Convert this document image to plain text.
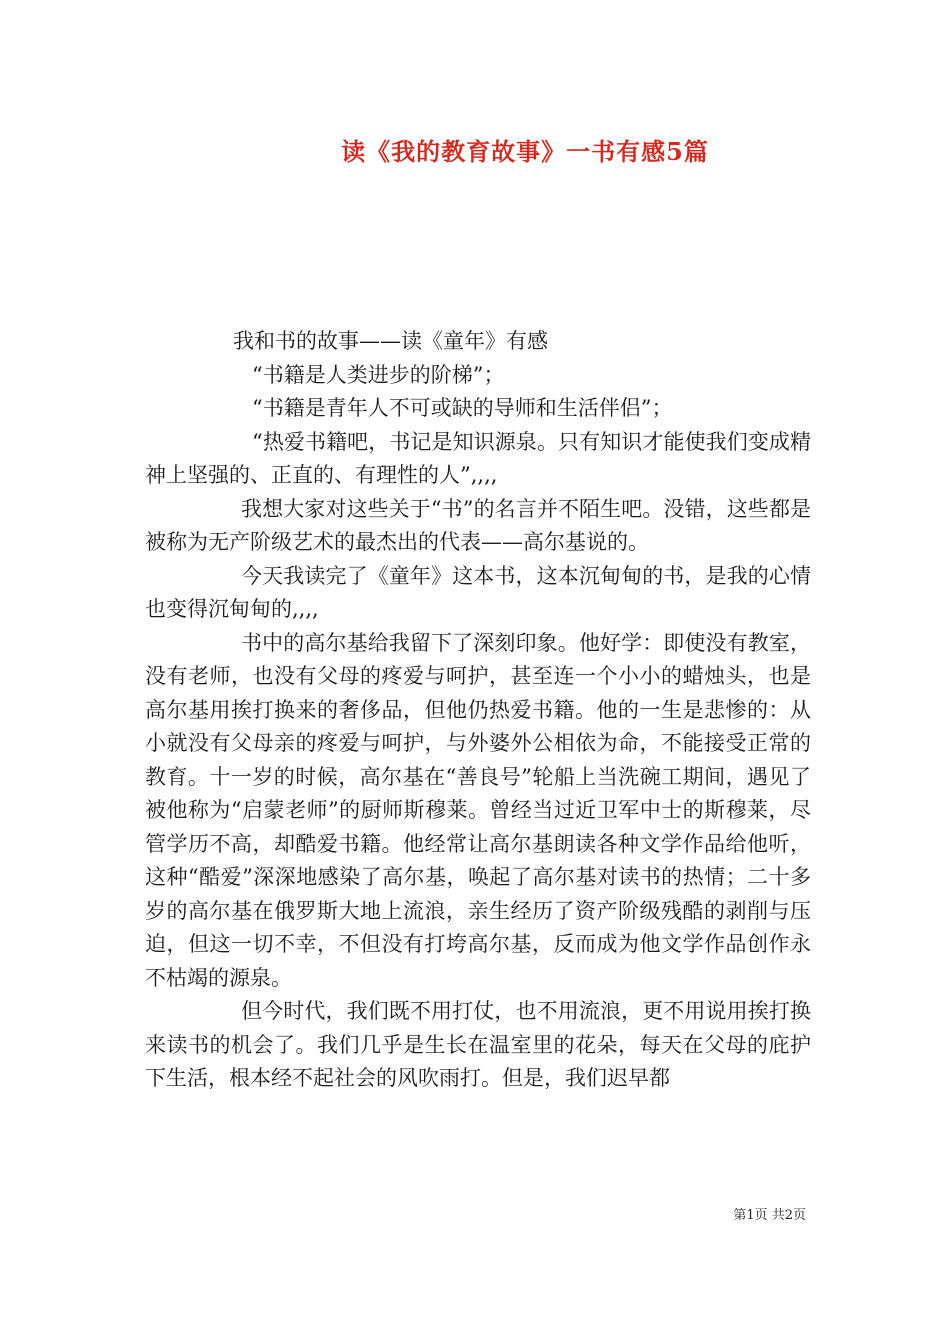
读《我的教育故事》一书有感5篇

我和书的故事——读《童年》有感

“书籍是人类进步的阶梯”；

“书籍是青年人不可或缺的导师和生活伴侣”；

“热爱书籍吧，书记是知识源泉。只有知识才能使我们变成精神上坚强的、正直的、有理性的人”,,,,

我想大家对这些关于“书”的名言并不陌生吧。没错，这些都是被称为无产阶级艺术的最杰出的代表——高尔基说的。

今天我读完了《童年》这本书，这本沉甸甸的书，是我的心情也变得沉甸甸的,,,,

书中的高尔基给我留下了深刻印象。他好学：即使没有教室，没有老师，也没有父母的疼爱与呵护，甚至连一个小小的蜡烛头，也是高尔基用挨打换来的奢侈品，但他仍热爱书籍。他的一生是悲惨的：从小就没有父母亲的疼爱与呵护，与外婆外公相依为命，不能接受正常的教育。十一岁的时候，高尔基在“善良号”轮船上当洗碗工期间，遇见了被他称为“启蒙老师”的厨师斯穆莱。曾经当过近卫军中士的斯穆莱，尽管学历不高，却酷爱书籍。他经常让高尔基朗读各种文学作品给他听，这种“酷爱”深深地感染了高尔基，唤起了高尔基对读书的热情；二十多岁的高尔基在俄罗斯大地上流浪，亲生经历了资产阶级残酷的剥削与压迫，但这一切不幸，不但没有打垮高尔基，反而成为他文学作品创作永不枯竭的源泉。

但今时代，我们既不用打仗，也不用流浪，更不用说用挨打换来读书的机会了。我们几乎是生长在温室里的花朵，每天在父母的庇护下生活，根本经不起社会的风吹雨打。但是，我们迟早都

第1页 共2页
